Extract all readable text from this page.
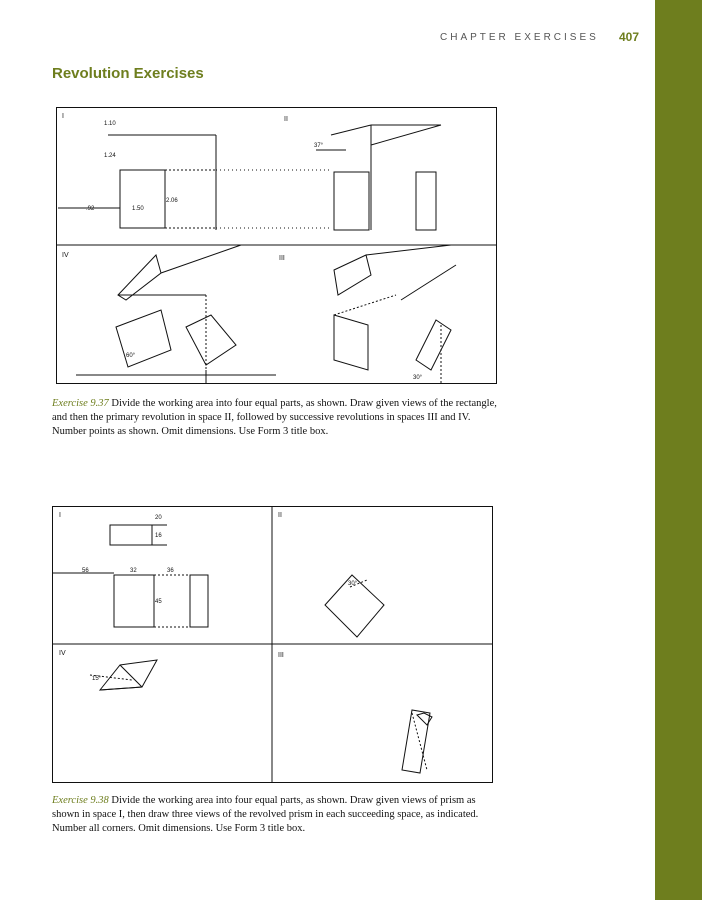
CHAPTER EXERCISES	407
Revolution Exercises
I	II
III
IV
1.10
1.24
2.06
.92	1.50
37°
60°
30°
Exercise 9.37 Divide the working area into four equal parts, as shown. Draw given views of the rectangle, and then the primary revolution in space II, followed by successive revolutions in spaces III and IV. Number points as shown. Omit dimensions. Use Form 3 title box.
I	II
III
IV
20
16
56	32	36
45
30°
15°
Exercise 9.38 Divide the working area into four equal parts, as shown. Draw given views of prism as shown in space I, then draw three views of the revolved prism in each succeeding space, as indicated. Number all corners. Omit dimensions. Use Form 3 title box.
